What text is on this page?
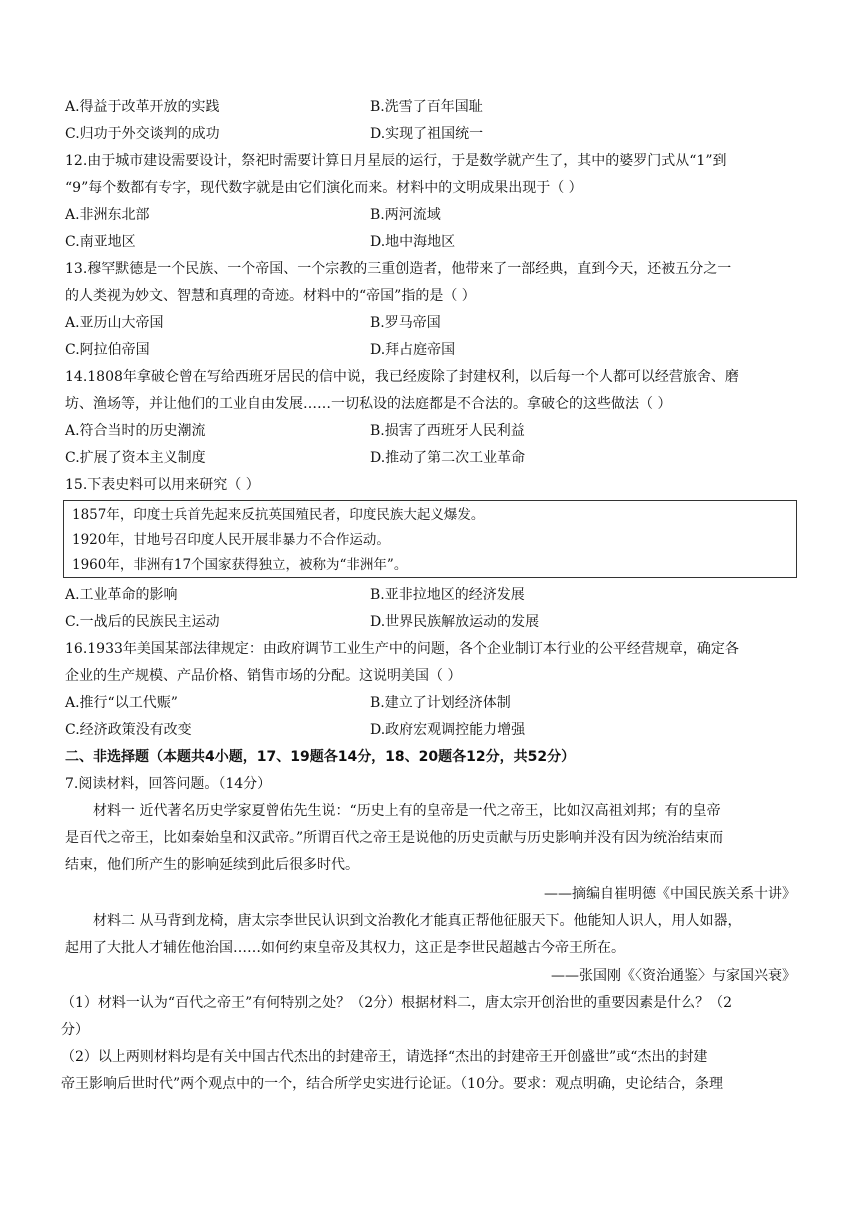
A.得益于改革开放的实践	B.洗雪了百年国耻
C.归功于外交谈判的成功	D.实现了祖国统一
12.由于城市建设需要设计，祭祀时需要计算日月星辰的运行，于是数学就产生了，其中的婆罗门式从“1”到
“9”每个数都有专字，现代数字就是由它们演化而来。材料中的文明成果出现于（ ）
A.非洲东北部	B.两河流域
C.南亚地区	D.地中海地区
13.穆罕默德是一个民族、一个帝国、一个宗教的三重创造者，他带来了一部经典，直到今天，还被五分之一
的人类视为妙文、智慧和真理的奇迹。材料中的“帝国”指的是（ ）
A.亚历山大帝国	B.罗马帝国
C.阿拉伯帝国	D.拜占庭帝国
14.1808年拿破仑曾在写给西班牙居民的信中说，我已经废除了封建权利，以后每一个人都可以经营旅舍、磨
坊、渔场等，并让他们的工业自由发展……一切私设的法庭都是不合法的。拿破仑的这些做法（ ）
A.符合当时的历史潮流	B.损害了西班牙人民利益
C.扩展了资本主义制度	D.推动了第二次工业革命
15.下表史料可以用来研究（ ）
1857年，印度士兵首先起来反抗英国殖民者，印度民族大起义爆发。
1920年，甘地号召印度人民开展非暴力不合作运动。
1960年，非洲有17个国家获得独立，被称为“非洲年”。
A.工业革命的影响	B.亚非拉地区的经济发展
C.一战后的民族民主运动	D.世界民族解放运动的发展
16.1933年美国某部法律规定：由政府调节工业生产中的问题，各个企业制订本行业的公平经营规章，确定各
企业的生产规模、产品价格、销售市场的分配。这说明美国（ ）
A.推行“以工代赈”	B.建立了计划经济体制
C.经济政策没有改变	D.政府宏观调控能力增强
二、非选择题（本题共4小题，17、19题各14分，18、20题各12分，共52分）
7.阅读材料，回答问题。（14分）
材料一 近代著名历史学家夏曾佑先生说：“历史上有的皇帝是一代之帝王，比如汉高祖刘邦；有的皇帝
是百代之帝王，比如秦始皇和汉武帝。”所谓百代之帝王是说他的历史贡献与历史影响并没有因为统治结束而
结束，他们所产生的影响延续到此后很多时代。
——摘编自崔明德《中国民族关系十讲》
材料二 从马背到龙椅，唐太宗李世民认识到文治教化才能真正帮他征服天下。他能知人识人，用人如器，
起用了大批人才辅佐他治国……如何约束皇帝及其权力，这正是李世民超越古今帝王所在。
——张国刚《〈资治通鉴〉与家国兴衰》
（1）材料一认为“百代之帝王”有何特别之处？（2分）根据材料二，唐太宗开创治世的重要因素是什么？（2
分）
（2）以上两则材料均是有关中国古代杰出的封建帝王，请选择“杰出的封建帝王开创盛世”或“杰出的封建
帝王影响后世时代”两个观点中的一个，结合所学史实进行论证。（10分。要求：观点明确，史论结合，条理
